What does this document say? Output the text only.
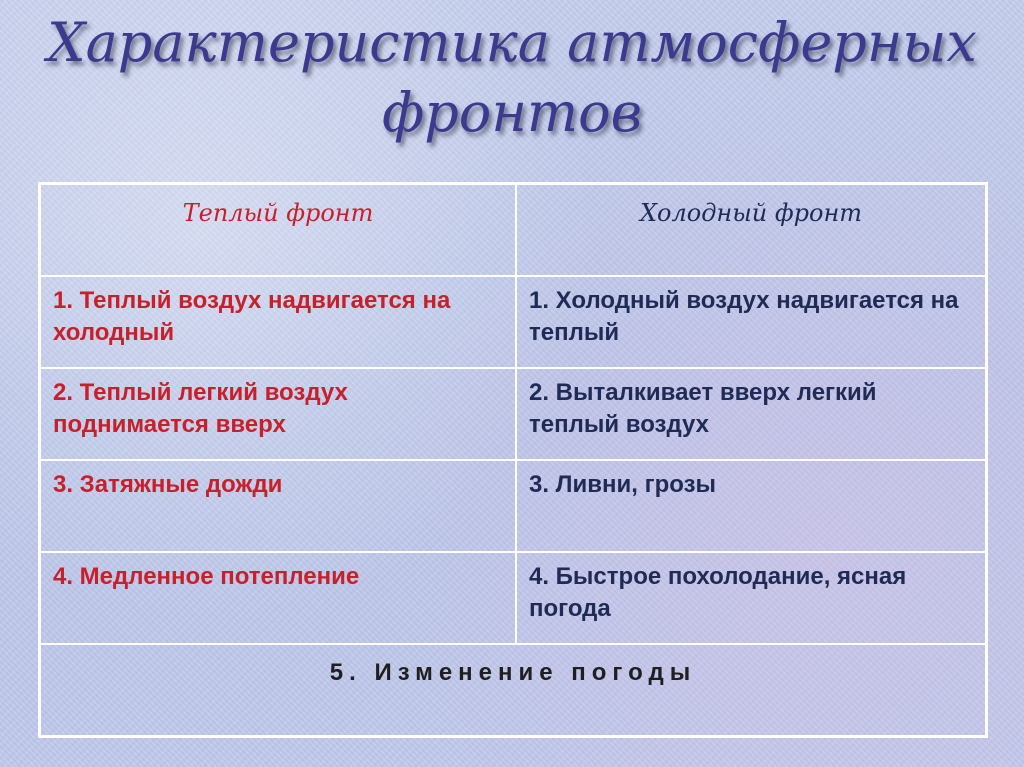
Характеристика атмосферных
фронтов
Теплый фронт	Холодный фронт
1. Теплый воздух надвигается на холодный	1. Холодный воздух надвигается на теплый
2. Теплый легкий воздух поднимается вверх	2. Выталкивает вверх легкий теплый воздух
3. Затяжные дожди	3. Ливни, грозы
4. Медленное потепление	4. Быстрое похолодание, ясная погода
5. Изменение погоды	
